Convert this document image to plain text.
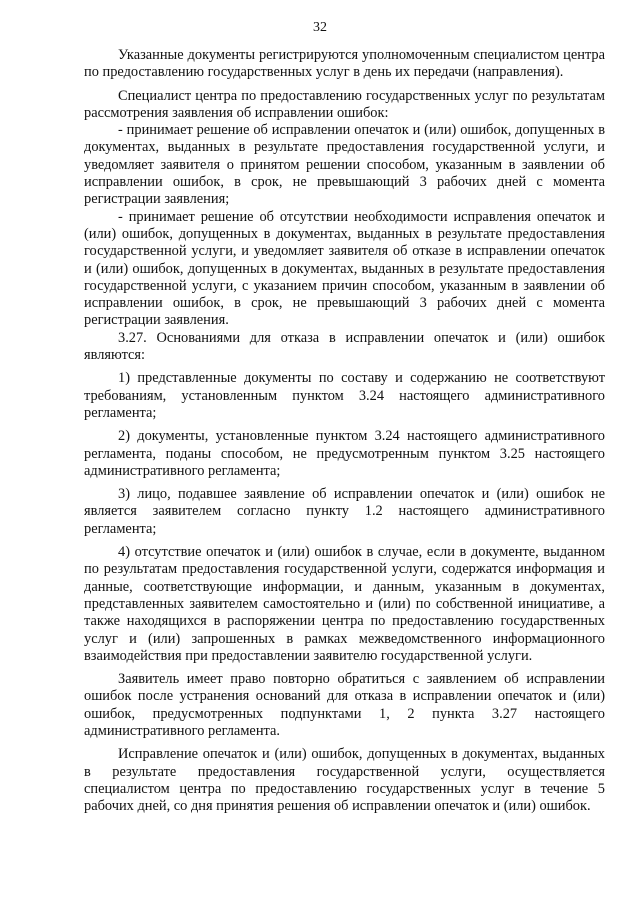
32

Указанные документы регистрируются уполномоченным специалистом центра по предоставлению государственных услуг в день их передачи (направления).

Специалист центра по предоставлению государственных услуг по результатам рассмотрения заявления об исправлении ошибок:

- принимает решение об исправлении опечаток и (или) ошибок, допущенных в документах, выданных в результате предоставления государственной услуги, и уведомляет заявителя о принятом решении способом, указанным в заявлении об исправлении ошибок, в срок, не превышающий 3 рабочих дней с момента регистрации заявления;

- принимает решение об отсутствии необходимости исправления опечаток и (или) ошибок, допущенных в документах, выданных в результате предоставления государственной услуги, и уведомляет заявителя об отказе в исправлении опечаток и (или) ошибок, допущенных в документах, выданных в результате предоставления государственной услуги, с указанием причин способом, указанным в заявлении об исправлении ошибок, в срок, не превышающий 3 рабочих дней с момента регистрации заявления.

3.27. Основаниями для отказа в исправлении опечаток и (или) ошибок являются:

1) представленные документы по составу и содержанию не соответствуют требованиям, установленным пунктом 3.24 настоящего административного регламента;

2) документы, установленные пунктом 3.24 настоящего административного регламента, поданы способом, не предусмотренным пунктом 3.25 настоящего административного регламента;

3) лицо, подавшее заявление об исправлении опечаток и (или) ошибок не является заявителем согласно пункту 1.2 настоящего административного регламента;

4) отсутствие опечаток и (или) ошибок в случае, если в документе, выданном по результатам предоставления государственной услуги, содержатся информация и данные, соответствующие информации, и данным, указанным в документах, представленных заявителем самостоятельно и (или) по собственной инициативе, а также находящихся в распоряжении центра по предоставлению государственных услуг и (или) запрошенных в рамках межведомственного информационного взаимодействия при предоставлении заявителю государственной услуги.

Заявитель имеет право повторно обратиться с заявлением об исправлении ошибок после устранения оснований для отказа в исправлении опечаток и (или) ошибок, предусмотренных подпунктами 1, 2 пункта 3.27 настоящего административного регламента.

Исправление опечаток и (или) ошибок, допущенных в документах, выданных в результате предоставления государственной услуги, осуществляется специалистом центра по предоставлению государственных услуг в течение 5 рабочих дней, со дня принятия решения об исправлении опечаток и (или) ошибок.
